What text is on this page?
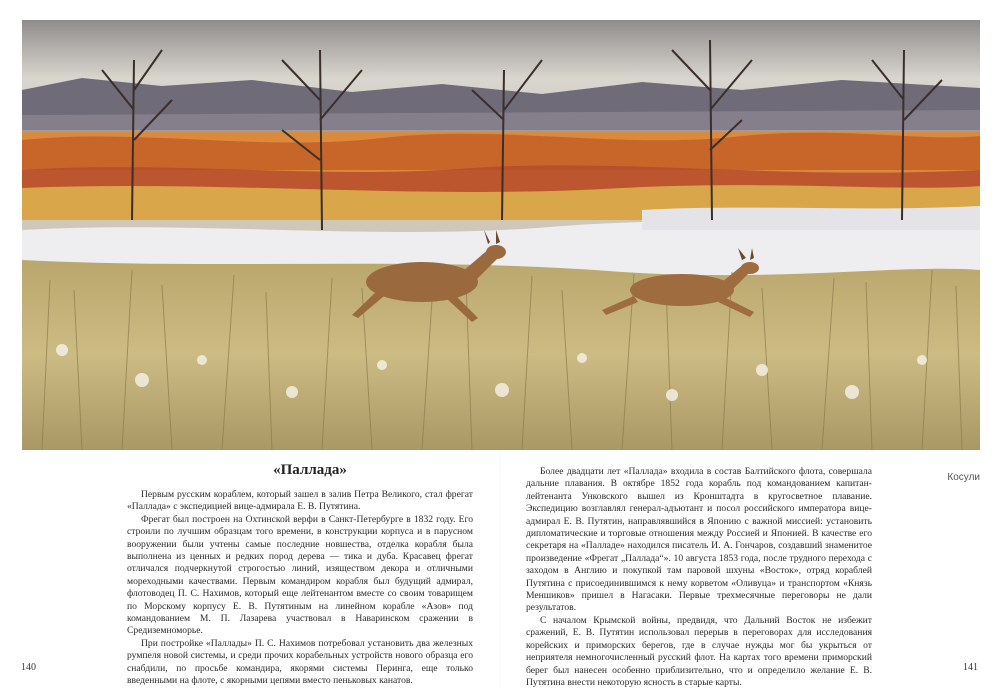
Косули
«Паллада»

Первым русским кораблем, который зашел в залив Петра Великого, стал фрегат «Паллада» с экспедицией вице-адмирала Е. В. Путятина.

Фрегат был построен на Охтинской верфи в Санкт-Петербурге в 1832 году. Его строили по лучшим образцам того времени, в конструкции корпуса и в парусном вооружении были учтены самые последние новшества, отделка корабля была выполнена из ценных и редких пород дерева — тика и дуба. Красавец фрегат отличался подчеркнутой строгостью линий, изяществом декора и отличными мореходными качествами. Первым командиром корабля был будущий адмирал, флотоводец П. С. Нахимов, который еще лейтенантом вместе со своим товарищем по Морскому корпусу Е. В. Путятиным на линейном корабле «Азов» под командованием М. П. Лазарева участвовал в Наваринском сражении в Средиземноморье.

При постройке «Паллады» П. С. Нахимов потребовал установить два железных румпеля новой системы, и среди прочих корабельных устройств нового образца его снабдили, по просьбе командира, якорями системы Перинга, еще только введенными на флоте, с якорными цепями вместо пеньковых канатов.

Более двадцати лет «Паллада» входила в состав Балтийского флота, совершала дальние плавания. В октябре 1852 года корабль под командованием капитан-лейтенанта Унковского вышел из Кронштадта в кругосветное плавание. Экспедицию возглавлял генерал-адъютант и посол российского императора вице-адмирал Е. В. Путятин, направлявшийся в Японию с важной миссией: установить дипломатические и торговые отношения между Россией и Японией. В качестве его секретаря на «Палладе» находился писатель И. А. Гончаров, создавший знаменитое произведение «Фрегат „Паллада“». 10 августа 1853 года, после трудного перехода с заходом в Англию и покупкой там паровой шхуны «Восток», отряд кораблей Путятина с присоединившимся к нему корветом «Оливуца» и транспортом «Князь Меншиков» пришел в Нагасаки. Первые трехмесячные переговоры не дали результатов.

С началом Крымской войны, предвидя, что Дальний Восток не избежит сражений, Е. В. Путятин использовал перерыв в переговорах для исследования корейских и приморских берегов, где в случае нужды мог бы укрыться от неприятеля немногочисленный русский флот. На картах того времени приморский берег был нанесен особенно приблизительно, что и определило желание Е. В. Путятина внести некоторую ясность в старые карты.

140	141
